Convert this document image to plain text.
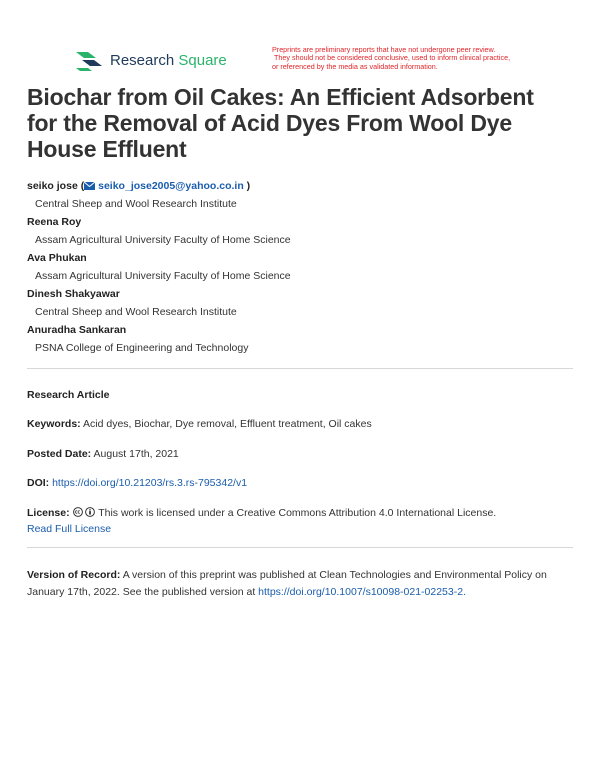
Research Square
Preprints are preliminary reports that have not undergone peer review.
They should not be considered conclusive, used to inform clinical practice,
or referenced by the media as validated information.
Biochar from Oil Cakes: An Efficient Adsorbent for the Removal of Acid Dyes From Wool Dye House Effluent
seiko jose ( seiko_jose2005@yahoo.co.in )
Central Sheep and Wool Research Institute
Reena Roy
Assam Agricultural University Faculty of Home Science
Ava Phukan
Assam Agricultural University Faculty of Home Science
Dinesh Shakyawar
Central Sheep and Wool Research Institute
Anuradha Sankaran
PSNA College of Engineering and Technology
Research Article
Keywords: Acid dyes, Biochar, Dye removal, Effluent treatment, Oil cakes
Posted Date: August 17th, 2021
DOI: https://doi.org/10.21203/rs.3.rs-795342/v1
License:	This work is licensed under a Creative Commons Attribution 4.0 International License.
Read Full License
Version of Record: A version of this preprint was published at Clean Technologies and Environmental Policy on January 17th, 2022. See the published version at https://doi.org/10.1007/s10098-021-02253-2.
